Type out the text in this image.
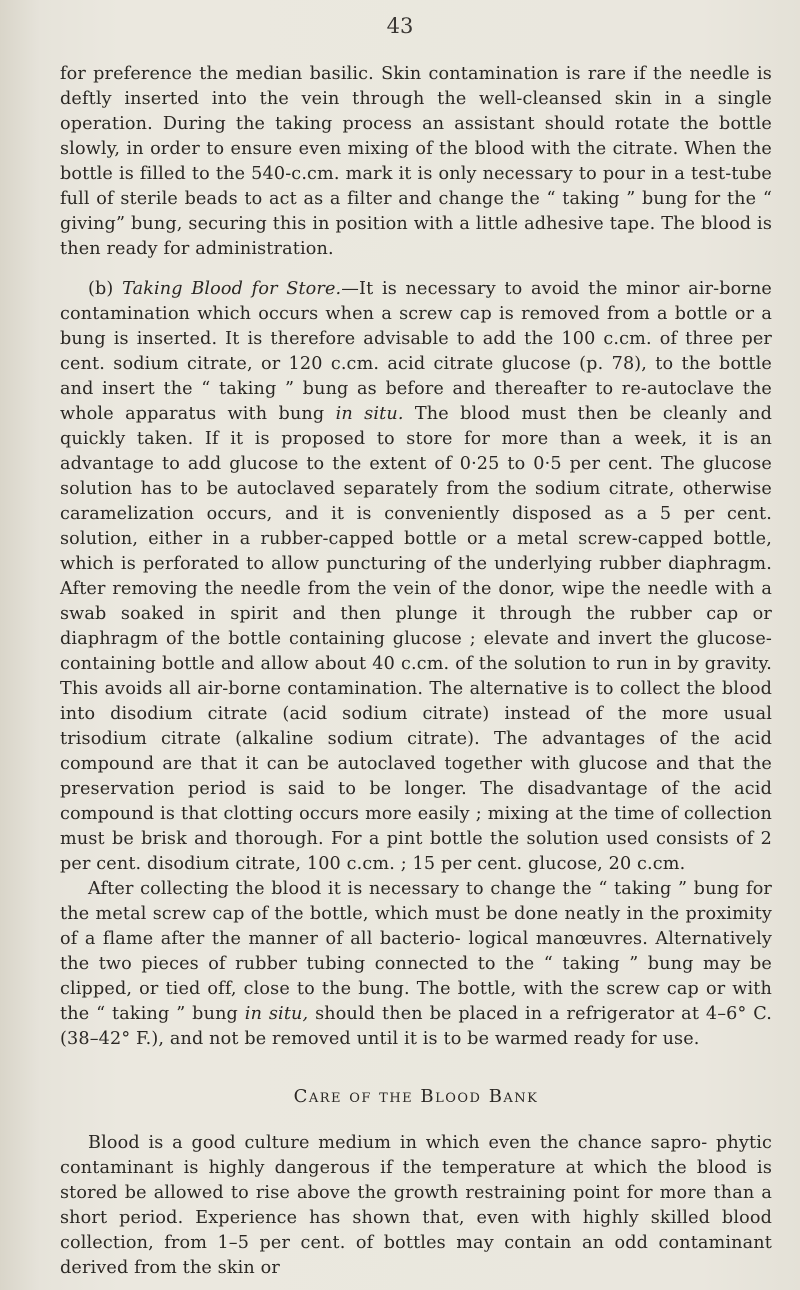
43

for preference the median basilic. Skin contamination is rare if the needle is deftly inserted into the vein through the well-cleansed skin in a single operation. During the taking process an assistant should rotate the bottle slowly, in order to ensure even mixing of the blood with the citrate. When the bottle is filled to the 540-c.cm. mark it is only necessary to pour in a test-tube full of sterile beads to act as a filter and change the “ taking ” bung for the “ giving” bung, securing this in position with a little adhesive tape. The blood is then ready for administration.

(b) Taking Blood for Store.—It is necessary to avoid the minor air-borne contamination which occurs when a screw cap is removed from a bottle or a bung is inserted. It is therefore advisable to add the 100 c.cm. of three per cent. sodium citrate, or 120 c.cm. acid citrate glucose (p. 78), to the bottle and insert the “ taking ” bung as before and thereafter to re-autoclave the whole apparatus with bung in situ. The blood must then be cleanly and quickly taken. If it is proposed to store for more than a week, it is an advantage to add glucose to the extent of 0·25 to 0·5 per cent. The glucose solution has to be autoclaved separately from the sodium citrate, otherwise caramelization occurs, and it is conveniently disposed as a 5 per cent. solution, either in a rubber-capped bottle or a metal screw-capped bottle, which is perforated to allow puncturing of the underlying rubber diaphragm. After removing the needle from the vein of the donor, wipe the needle with a swab soaked in spirit and then plunge it through the rubber cap or diaphragm of the bottle containing glucose ; elevate and invert the glucose-containing bottle and allow about 40 c.cm. of the solution to run in by gravity. This avoids all air-borne contamination. The alternative is to collect the blood into disodium citrate (acid sodium citrate) instead of the more usual trisodium citrate (alkaline sodium citrate). The advantages of the acid compound are that it can be autoclaved together with glucose and that the preservation period is said to be longer. The disadvantage of the acid compound is that clotting occurs more easily ; mixing at the time of collection must be brisk and thorough. For a pint bottle the solution used consists of 2 per cent. disodium citrate, 100 c.cm. ; 15 per cent. glucose, 20 c.cm.

After collecting the blood it is necessary to change the “ taking ” bung for the metal screw cap of the bottle, which must be done neatly in the proximity of a flame after the manner of all bacterio- logical manœuvres. Alternatively the two pieces of rubber tubing connected to the “ taking ” bung may be clipped, or tied off, close to the bung. The bottle, with the screw cap or with the “ taking ” bung in situ, should then be placed in a refrigerator at 4–6° C. (38–42° F.), and not be removed until it is to be warmed ready for use.

Care of the Blood Bank

Blood is a good culture medium in which even the chance sapro- phytic contaminant is highly dangerous if the temperature at which the blood is stored be allowed to rise above the growth restraining point for more than a short period. Experience has shown that, even with highly skilled blood collection, from 1–5 per cent. of bottles may contain an odd contaminant derived from the skin or
